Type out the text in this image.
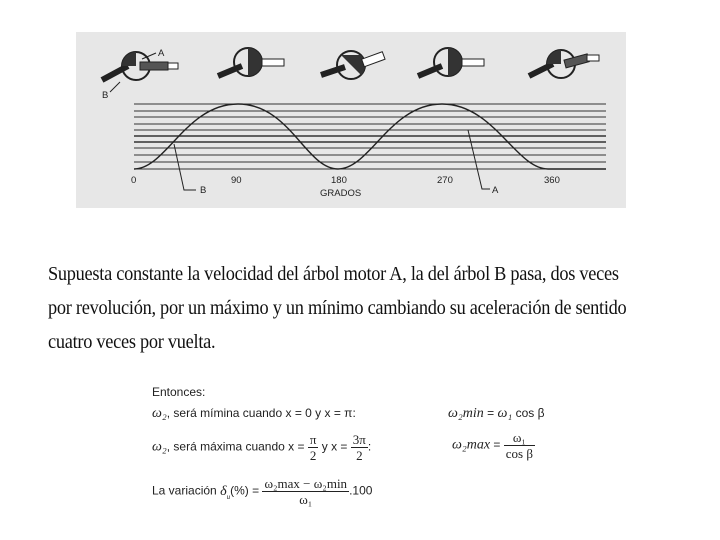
A
B
0	90	180	270	360
GRADOS
B	A

Supuesta constante la velocidad del árbol motor A, la del árbol B pasa, dos veces

por revolución, por un máximo y un mínimo cambiando su aceleración de sentido

cuatro veces por vuelta.

Entonces:
ω₂, será mímina cuando x = 0 y x = π:	ω₂min = ω₁ cos β
ω₂, será máxima cuando $x = \frac{\pi}{2}$ y $x = \frac{3\pi}{2}$ :	$\omega_2\max = \frac{\text{ω₁}}{\text{cos β}}$
La variación $\delta_u(\%) = \frac{\text{ω₂max − ω₂min}}{\text{ω₁}} .100$
